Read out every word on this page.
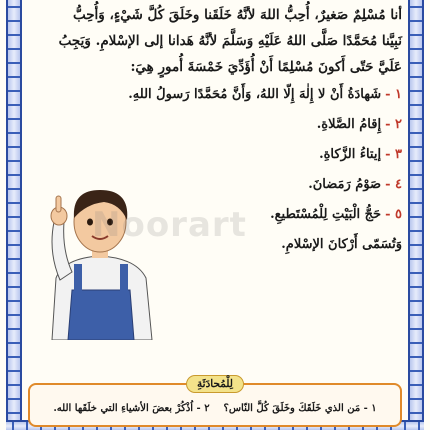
أنا مُسْلِمٌ صَغيرٌ، أُحِبُّ اللهَ لأنَّهُ خَلَقَنا وخَلَقَ كُلَّ شَيْءٍ، وَأُحِبُّ

نَبِيَّنا مُحَمَّدًا صَلَّى اللهُ عَلَيْهِ وَسَلَّمَ لأنَّهُ هَدانا إلى الإسْلامِ. وَيَجِبُ

عَلَيَّ حَتّى أَكونَ مُسْلِمًا أَنْ أُؤَدِّيَ خَمْسَةَ أُمورٍ هِيَ:

١ -شَهادَةُ أَنْ لا إِلٰهَ إِلّا اللهُ، وَأَنَّ مُحَمَّدًا رَسولُ اللهِ.
٢ -إِقامُ الصَّلاةِ.
٣ -إيتاءُ الزَّكاةِ.
٤ -صَوْمُ رَمَضانَ.
٥ -حَجُّ الْبَيْتِ لِلْمُسْتَطيعِ.
وَتُسَمّى أَرْكانَ الإسْلامِ.
Noorart
لِلْمُحادَثَةِ
١ - مَن الذي خَلَقَكَ وخَلَقَ كُلَّ النّاس؟    ٢ - اُذْكُرْ بعضَ الأشياءِ التي خلَقَها الله.
